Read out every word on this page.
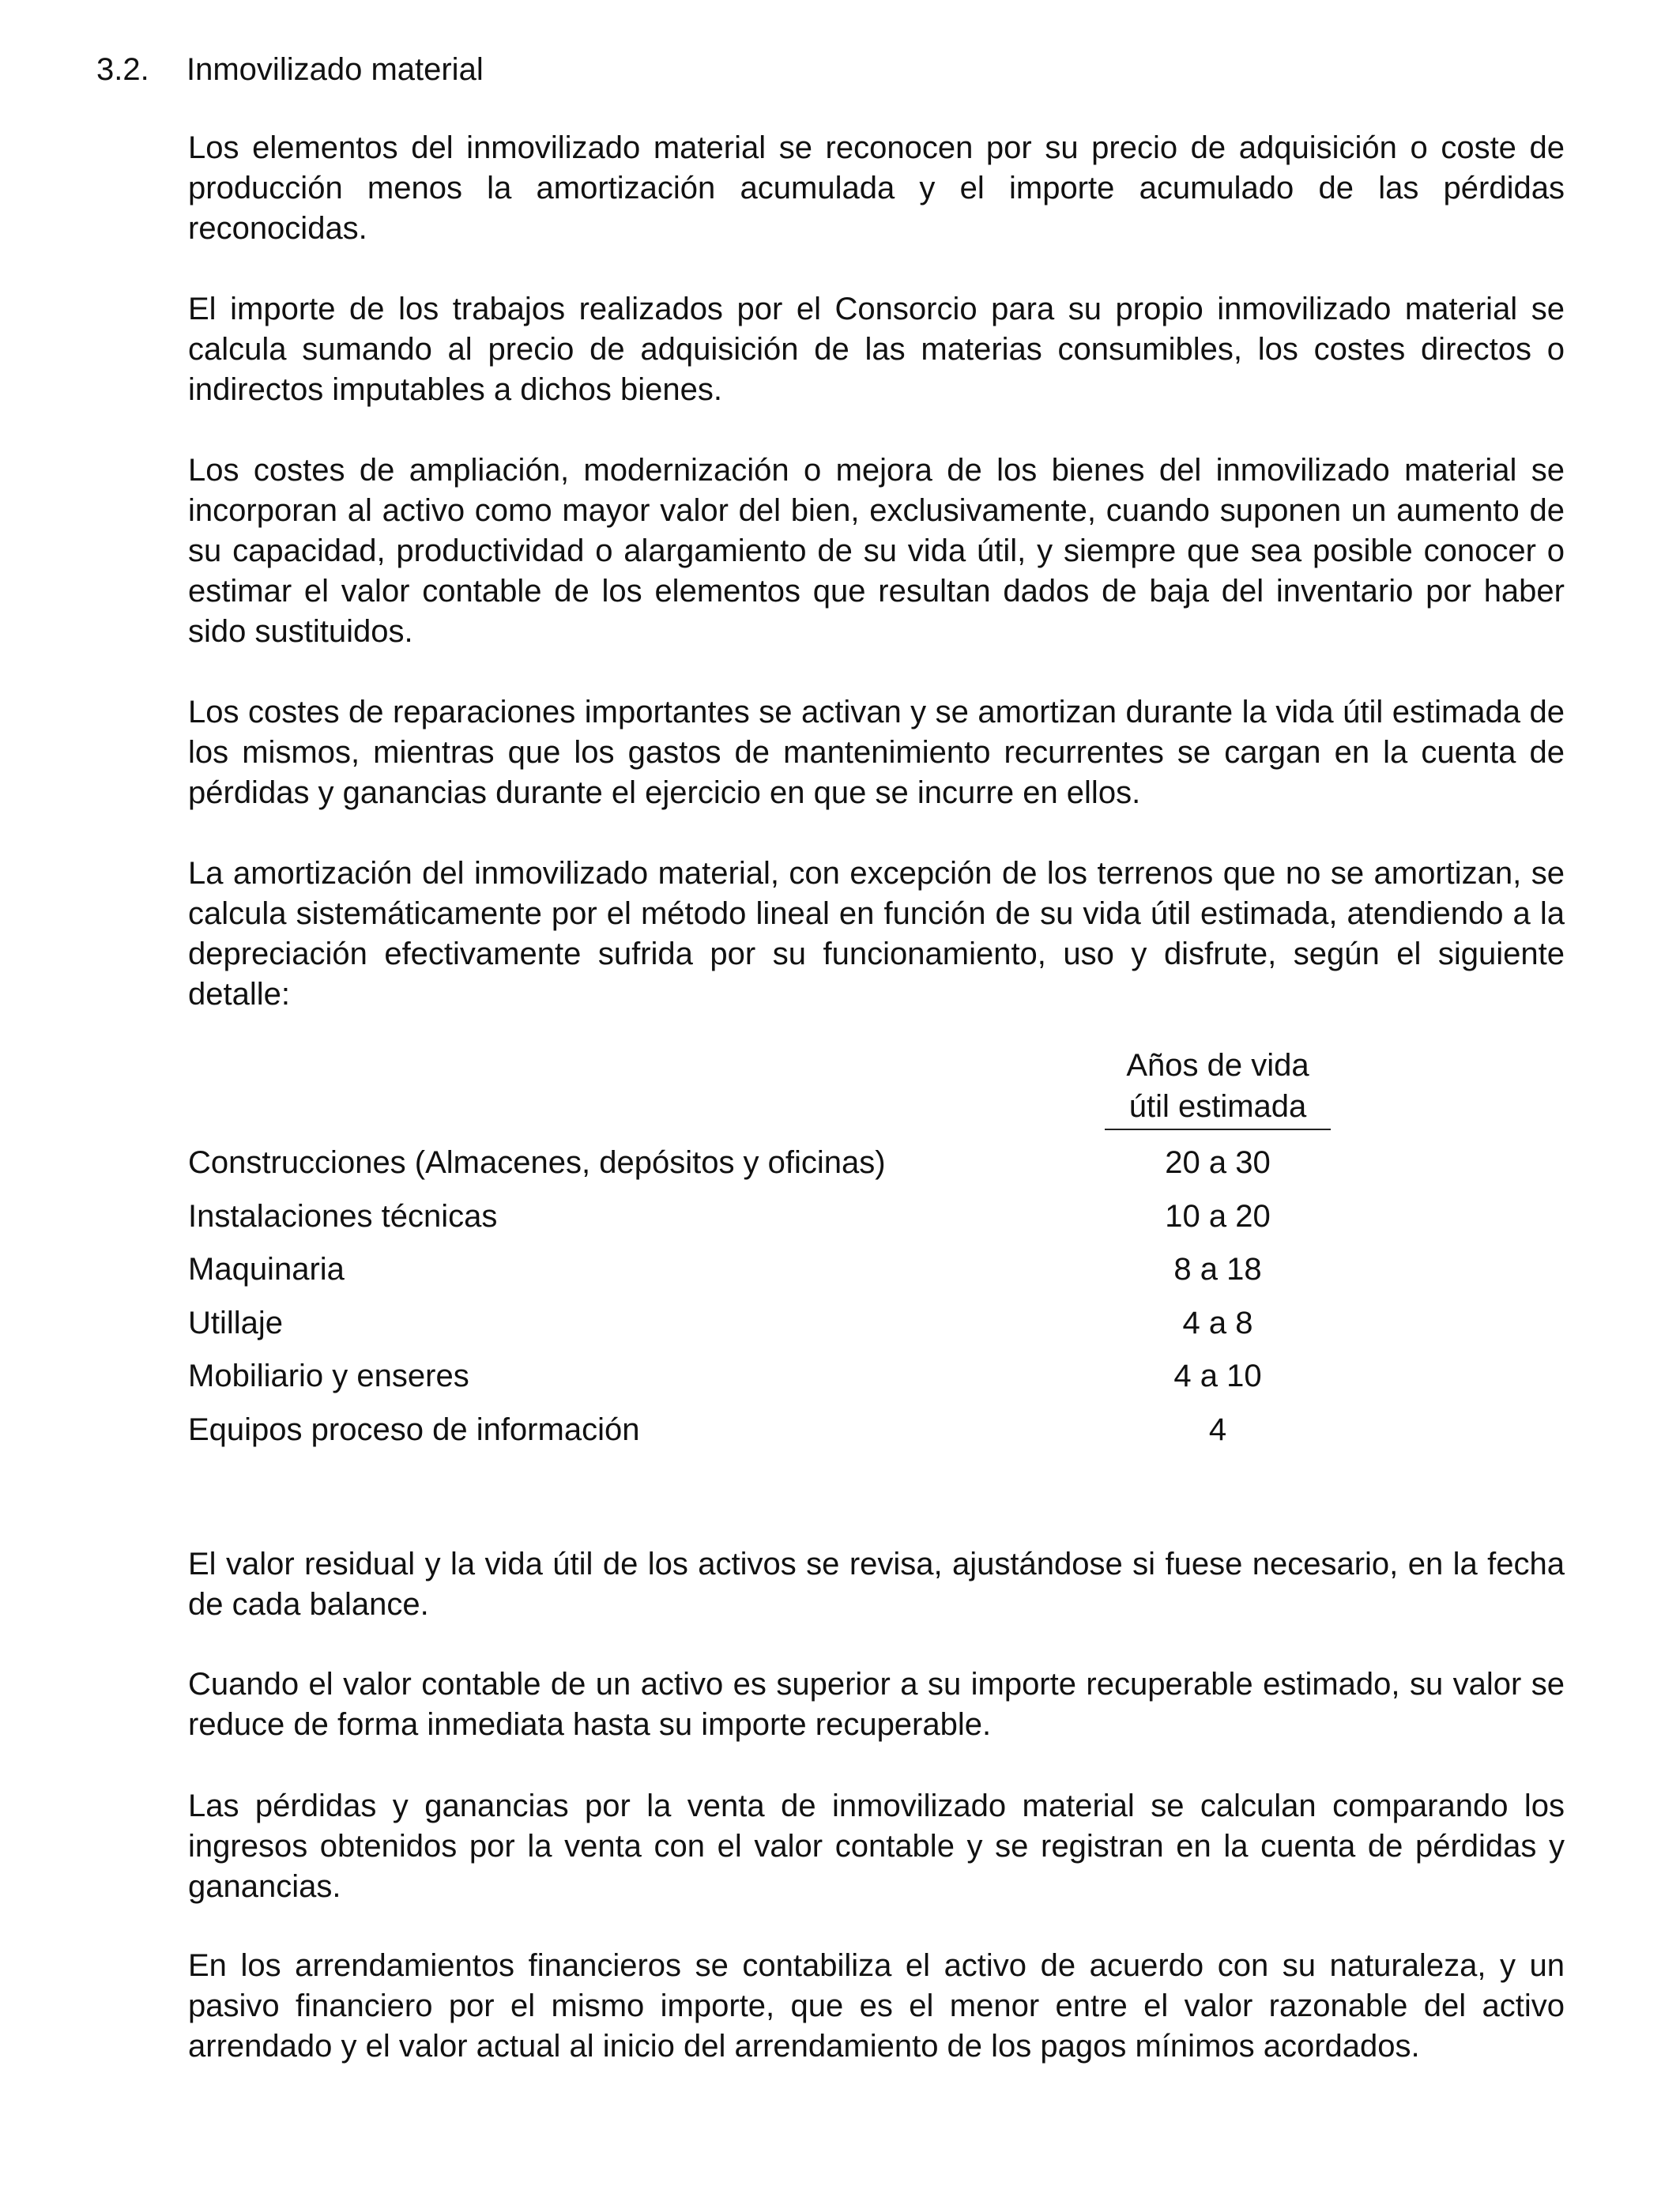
3.2.	Inmovilizado material

Los elementos del inmovilizado material se reconocen por su precio de adquisición o coste de producción menos la amortización acumulada y el importe acumulado de las pérdidas reconocidas.

El importe de los trabajos realizados por el Consorcio para su propio inmovilizado material se calcula sumando al precio de adquisición de las materias consumibles, los costes directos o indirectos imputables a dichos bienes.

Los costes de ampliación, modernización o mejora de los bienes del inmovilizado material se incorporan al activo como mayor valor del bien, exclusivamente, cuando suponen un aumento de su capacidad, productividad o alargamiento de su vida útil, y siempre que sea posible conocer o estimar el valor contable de los elementos que resultan dados de baja del inventario por haber sido sustituidos.

Los costes de reparaciones importantes se activan y se amortizan durante la vida útil estimada de los mismos, mientras que los gastos de mantenimiento recurrentes se cargan en la cuenta de pérdidas y ganancias durante el ejercicio en que se incurre en ellos.

La amortización del inmovilizado material, con excepción de los terrenos que no se amortizan, se calcula sistemáticamente por el método lineal en función de su vida útil estimada, atendiendo a la depreciación efectivamente sufrida por su funcionamiento, uso y disfrute, según el siguiente detalle:

Años de vida
útil estimada
Construcciones (Almacenes, depósitos y oficinas)	20 a 30
Instalaciones técnicas	10 a 20
Maquinaria	8 a 18
Utillaje	4 a 8
Mobiliario y enseres	4 a 10
Equipos proceso de información	4

El valor residual y la vida útil de los activos se revisa, ajustándose si fuese necesario, en la fecha de cada balance.

Cuando el valor contable de un activo es superior a su importe recuperable estimado, su valor se reduce de forma inmediata hasta su importe recuperable.

Las pérdidas y ganancias por la venta de inmovilizado material se calculan comparando los ingresos obtenidos por la venta con el valor contable y se registran en la cuenta de pérdidas y ganancias.

En los arrendamientos financieros se contabiliza el activo de acuerdo con su naturaleza, y un pasivo financiero por el mismo importe, que es el menor entre el valor razonable del activo arrendado y el valor actual al inicio del arrendamiento de los pagos mínimos acordados.
